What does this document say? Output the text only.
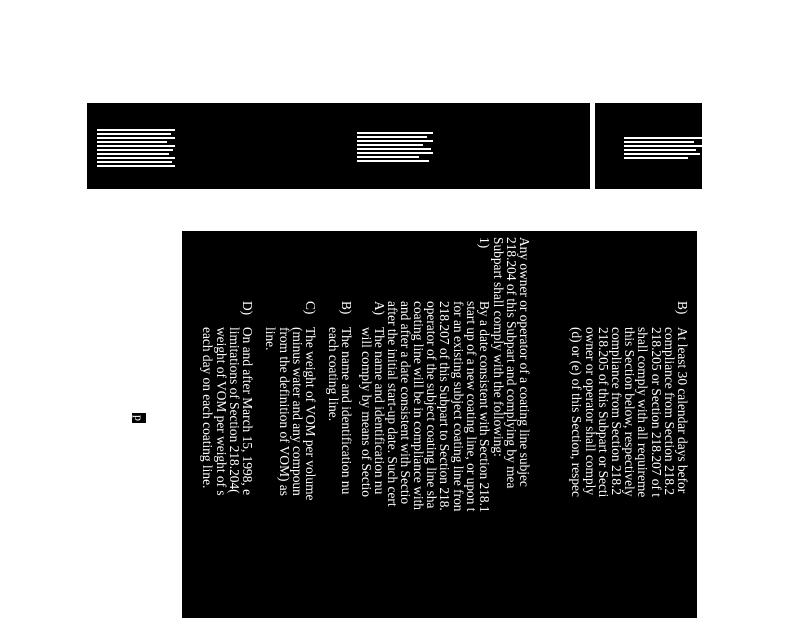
p
B)
At least 30 calendar days befor
compliance from Section 218.2
218.205 or Section 218.207 of t
shall comply with all requireme
this Section below, respectively
compliance from Section 218.2
218.205 of this Subpart or Secti
owner or operator shall comply
(d) or (e) of this Section, respec
Any owner or operator of a coating line subjec
218.204 of this Subpart and complying by mea
Subpart shall comply with the following:
1)
By a date consistent with Section 218.1
start up of a new coating line, or upon t
for an existing subject coating line fron
218.207 of this Subpart to Section 218.
operator of the subject coating line sha
coating line will be in compliance with
and after a date consistent with Sectio
after the initial start-up date. Such cert
A)
The name and identification nu
will comply by means of Sectio
B)
The name and identification nu
each coating line.
C)
The weight of VOM per volume
(minus water and any compoun
from the definition of VOM) as
line.
D)
On and after March 15, 1998, e
limitations of Section 218.204(
weight of VOM per weight of s
each day on each coating line.
